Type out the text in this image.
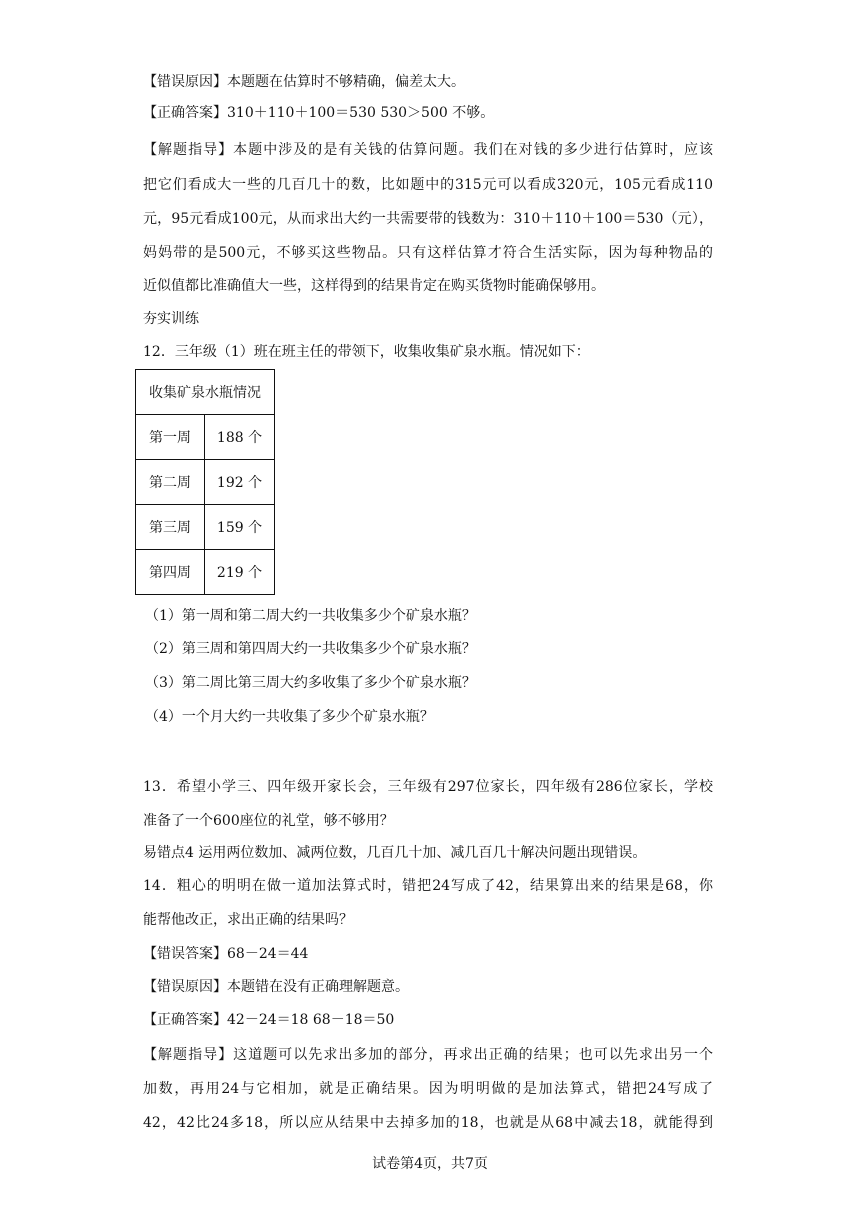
【错误原因】本题题在估算时不够精确，偏差太大。
【正确答案】310＋110＋100＝530 530＞500 不够。
【解题指导】本题中涉及的是有关钱的估算问题。我们在对钱的多少进行估算时，应该
把它们看成大一些的几百几十的数，比如题中的315元可以看成320元，105元看成110
元，95元看成100元，从而求出大约一共需要带的钱数为：310＋110＋100＝530（元），
妈妈带的是500元，不够买这些物品。只有这样估算才符合生活实际，因为每种物品的
近似值都比准确值大一些，这样得到的结果肯定在购买货物时能确保够用。
夯实训练
12．三年级（1）班在班主任的带领下，收集收集矿泉水瓶。情况如下：
收集矿泉水瓶情况	
第一周	188 个
第二周	192 个
第三周	159 个
第四周	219 个
（1）第一周和第二周大约一共收集多少个矿泉水瓶？
（2）第三周和第四周大约一共收集多少个矿泉水瓶？
（3）第二周比第三周大约多收集了多少个矿泉水瓶？
（4）一个月大约一共收集了多少个矿泉水瓶？
13．希望小学三、四年级开家长会，三年级有297位家长，四年级有286位家长，学校
准备了一个600座位的礼堂，够不够用？
易错点4 运用两位数加、减两位数，几百几十加、减几百几十解决问题出现错误。
14．粗心的明明在做一道加法算式时，错把24写成了42，结果算出来的结果是68，你
能帮他改正，求出正确的结果吗？
【错误答案】68－24＝44
【错误原因】本题错在没有正确理解题意。
【正确答案】42－24＝18 68－18＝50
【解题指导】这道题可以先求出多加的部分，再求出正确的结果；也可以先求出另一个
加数，再用24与它相加，就是正确结果。因为明明做的是加法算式，错把24写成了
42，42比24多18，所以应从结果中去掉多加的18，也就是从68中减去18，就能得到
试卷第4页，共7页
